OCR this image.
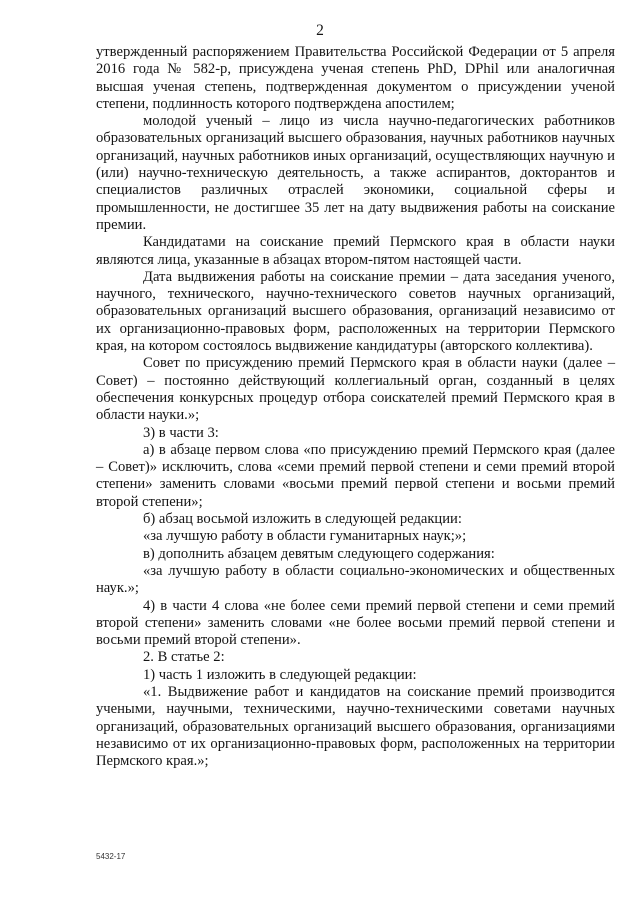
2

утвержденный распоряжением Правительства Российской Федерации от 5 апреля 2016 года № 582-р, присуждена ученая степень PhD, DPhil или аналогичная высшая ученая степень, подтвержденная документом о присуждении ученой степени, подлинность которого подтверждена апостилем;

молодой ученый – лицо из числа научно-педагогических работников образовательных организаций высшего образования, научных работников научных организаций, научных работников иных организаций, осуществляющих научную и (или) научно-техническую деятельность, а также аспирантов, докторантов и специалистов различных отраслей экономики, социальной сферы и промышленности, не достигшее 35 лет на дату выдвижения работы на соискание премии.

Кандидатами на соискание премий Пермского края в области науки являются лица, указанные в абзацах втором-пятом настоящей части.

Дата выдвижения работы на соискание премии – дата заседания ученого, научного, технического, научно-технического советов научных организаций, образовательных организаций высшего образования, организаций независимо от их организационно-правовых форм, расположенных на территории Пермского края, на котором состоялось выдвижение кандидатуры (авторского коллектива).

Совет по присуждению премий Пермского края в области науки (далее – Совет) – постоянно действующий коллегиальный орган, созданный в целях обеспечения конкурсных процедур отбора соискателей премий Пермского края в области науки.»;

3) в части 3:

а) в абзаце первом слова «по присуждению премий Пермского края (далее – Совет)» исключить, слова «семи премий первой степени и семи премий второй степени» заменить словами «восьми премий первой степени и восьми премий второй степени»;

б) абзац восьмой изложить в следующей редакции:

«за лучшую работу в области гуманитарных наук;»;

в) дополнить абзацем девятым следующего содержания:

«за лучшую работу в области социально-экономических и общественных наук.»;

4) в части 4 слова «не более семи премий первой степени и семи премий второй степени» заменить словами «не более восьми премий первой степени и восьми премий второй степени».

2. В статье 2:

1) часть 1 изложить в следующей редакции:

«1. Выдвижение работ и кандидатов на соискание премий производится учеными, научными, техническими, научно-техническими советами научных организаций, образовательных организаций высшего образования, организациями независимо от их организационно-правовых форм, расположенных на территории Пермского края.»;

5432-17
